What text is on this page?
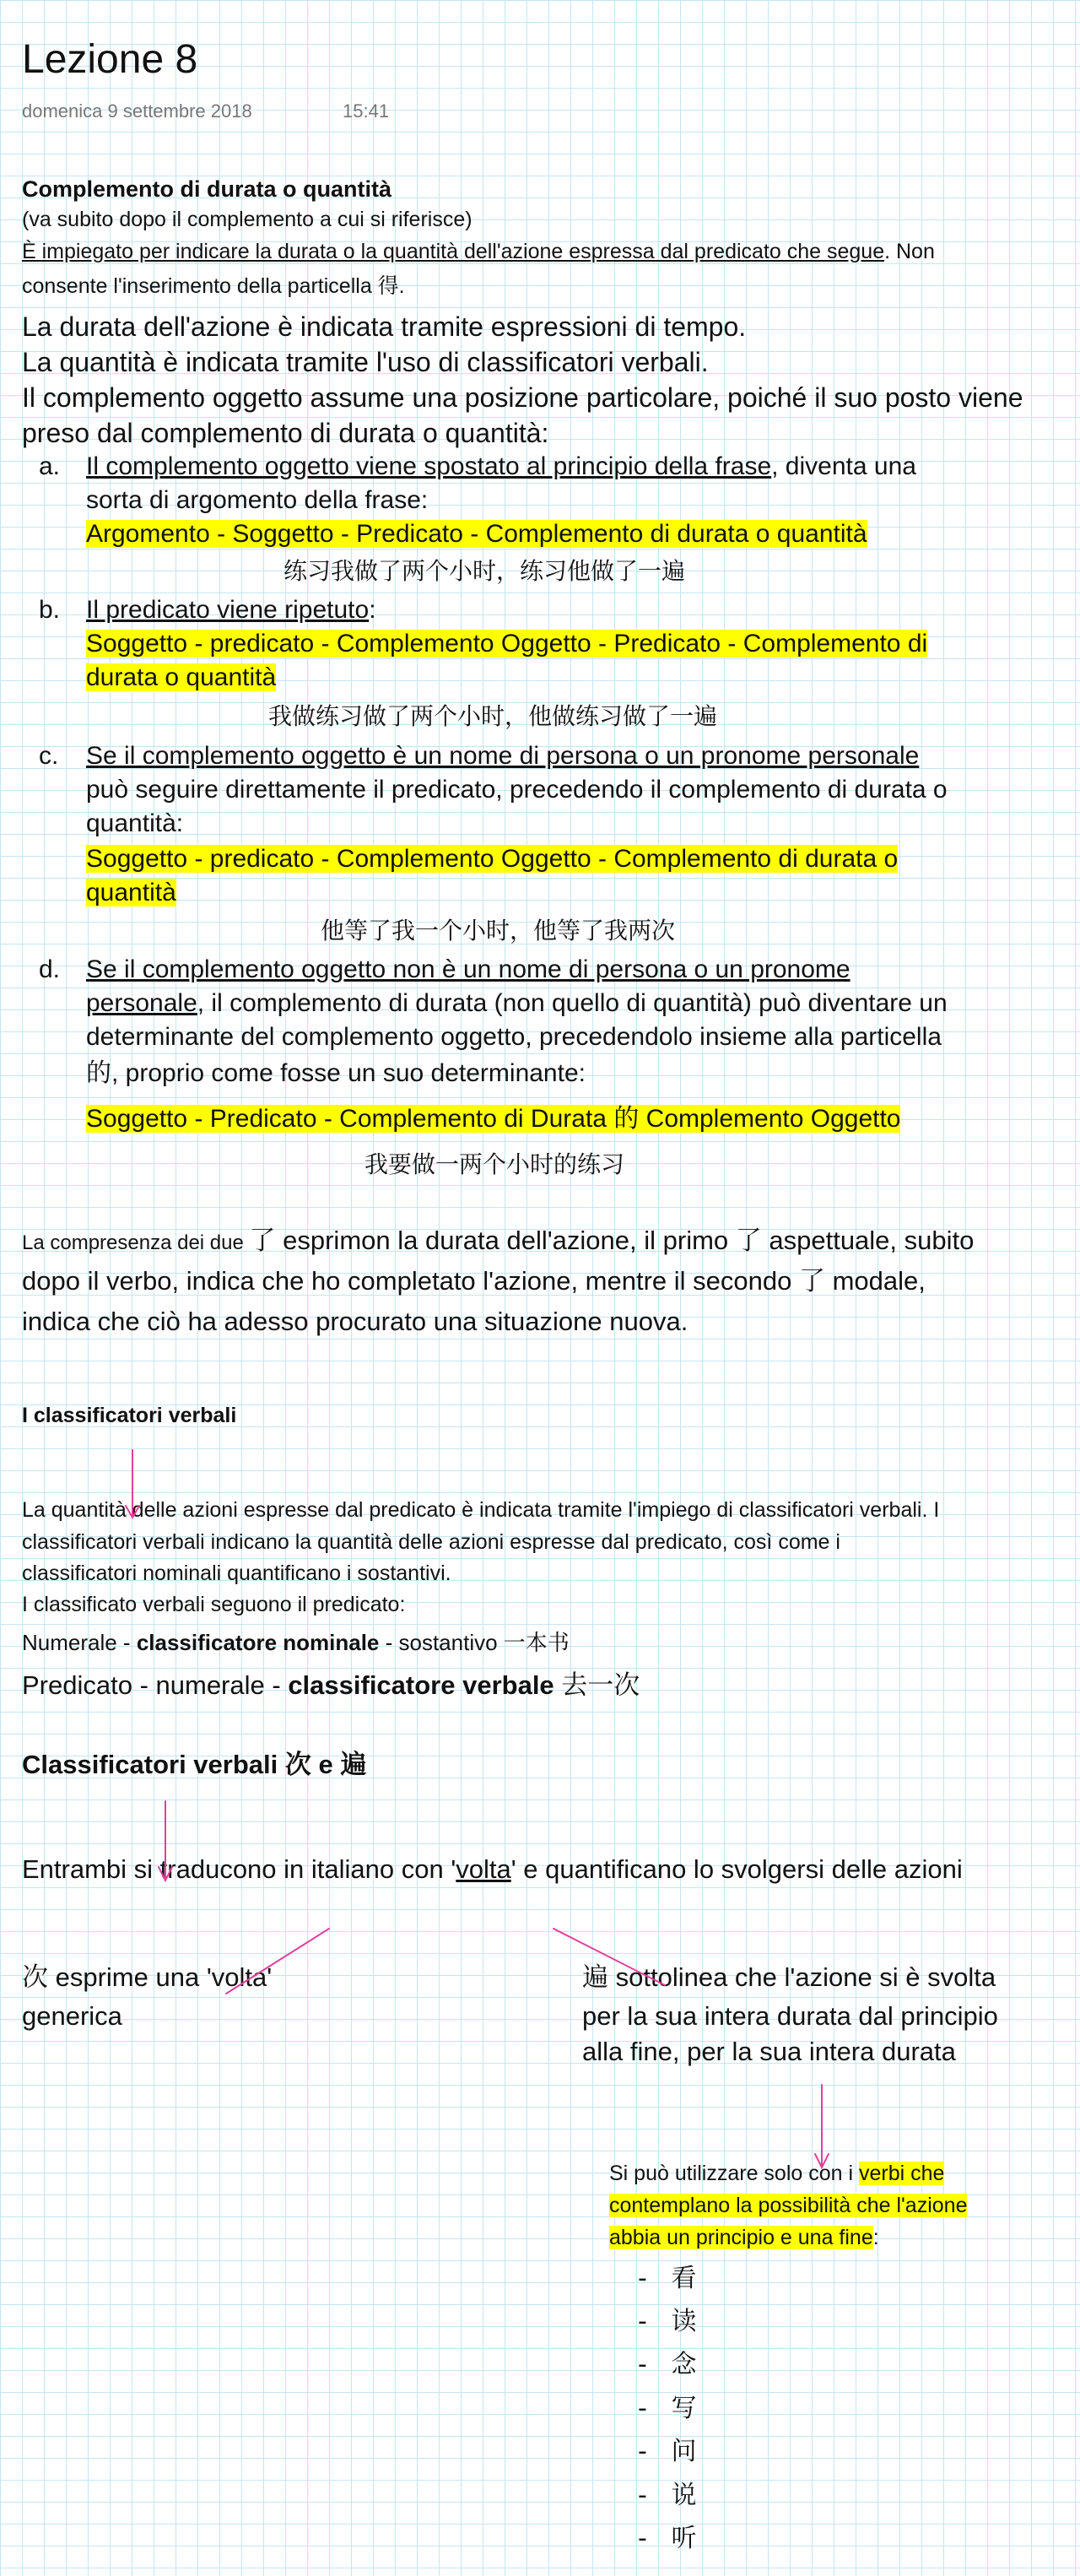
Lezione 8
domenica 9 settembre 2018	15:41
Complemento di durata o quantità
(va subito dopo il complemento a cui si riferisce)
È impiegato per indicare la durata o la quantità dell'azione espressa dal predicato che segue. Non
consente l'inserimento della particella 得.
La durata dell'azione è indicata tramite espressioni di tempo.
La quantità è indicata tramite l'uso di classificatori verbali.
Il complemento oggetto assume una posizione particolare, poiché il suo posto viene
preso dal complemento di durata o quantità:
a. Il complemento oggetto viene spostato al principio della frase, diventa una
sorta di argomento della frase:
Argomento - Soggetto - Predicato - Complemento di durata o quantità
练习我做了两个小时，练习他做了一遍
b. Il predicato viene ripetuto:
Soggetto - predicato - Complemento Oggetto - Predicato - Complemento di
durata o quantità
我做练习做了两个小时，他做练习做了一遍
c. Se il complemento oggetto è un nome di persona o un pronome personale
può seguire direttamente il predicato, precedendo il complemento di durata o
quantità:
Soggetto - predicato - Complemento Oggetto - Complemento di durata o
quantità
他等了我一个小时，他等了我两次
d. Se il complemento oggetto non è un nome di persona o un pronome
personale, il complemento di durata (non quello di quantità) può diventare un
determinante del complemento oggetto, precedendolo insieme alla particella
的, proprio come fosse un suo determinante:
Soggetto - Predicato - Complemento di Durata 的 Complemento Oggetto
我要做一两个小时的练习
La compresenza dei due 了 esprimon la durata dell'azione, il primo 了 aspettuale, subito
dopo il verbo, indica che ho completato l'azione, mentre il secondo 了 modale,
indica che ciò ha adesso procurato una situazione nuova.
I classificatori verbali
La quantità delle azioni espresse dal predicato è indicata tramite l'impiego di classificatori verbali. I
classificatori verbali indicano la quantità delle azioni espresse dal predicato, così come i
classificatori nominali quantificano i sostantivi.
I classificato verbali seguono il predicato:
Numerale - classificatore nominale - sostantivo 一本书
Predicato - numerale - classificatore verbale 去一次
Classificatori verbali 次 e 遍
Entrambi si traducono in italiano con 'volta' e quantificano lo svolgersi delle azioni
次 esprime una 'volta'
generica
遍 sottolinea che l'azione si è svolta
per la sua intera durata dal principio
alla fine, per la sua intera durata
Si può utilizzare solo con i verbi che
contemplano la possibilità che l'azione
abbia un principio e una fine:
- 看
- 读
- 念
- 写
- 问
- 说
- 听
